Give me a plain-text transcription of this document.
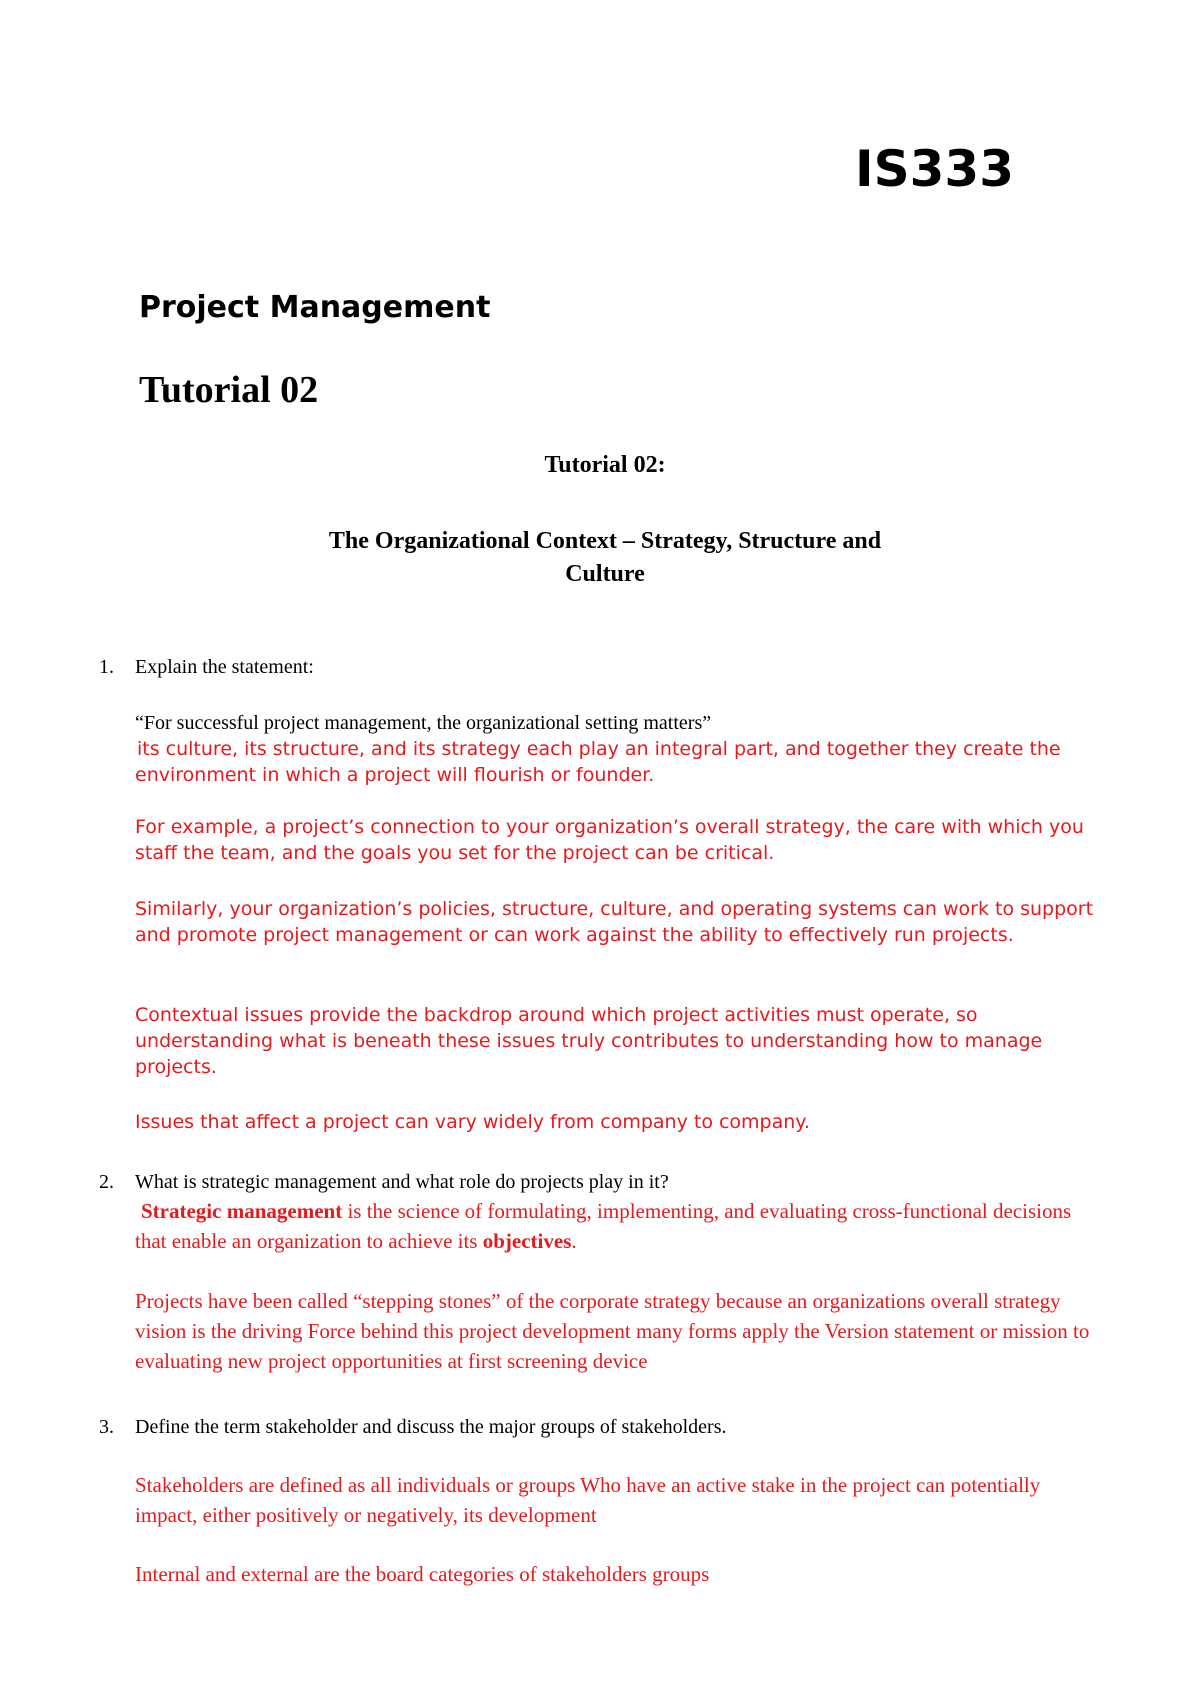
IS333
Project Management
Tutorial 02
Tutorial 02:
The Organizational Context – Strategy, Structure and
Culture
1. Explain the statement:
“For successful project management, the organizational setting matters”
its culture, its structure, and its strategy each play an integral part, and together they create the environment in which a project will flourish or founder.
For example, a project’s connection to your organization’s overall strategy, the care with which you staff the team, and the goals you set for the project can be critical.
Similarly, your organization’s policies, structure, culture, and operating systems can work to support and promote project management or can work against the ability to effectively run projects.
Contextual issues provide the backdrop around which project activities must operate, so understanding what is beneath these issues truly contributes to understanding how to manage projects.
Issues that affect a project can vary widely from company to company.
2. What is strategic management and what role do projects play in it?
Strategic management is the science of formulating, implementing, and evaluating cross-functional decisions that enable an organization to achieve its objectives.
Projects have been called “stepping stones” of the corporate strategy because an organizations overall strategy vision is the driving Force behind this project development many forms apply the Version statement or mission to evaluating new project opportunities at first screening device
3. Define the term stakeholder and discuss the major groups of stakeholders.
Stakeholders are defined as all individuals or groups Who have an active stake in the project can potentially impact, either positively or negatively, its development
Internal and external are the board categories of stakeholders groups
